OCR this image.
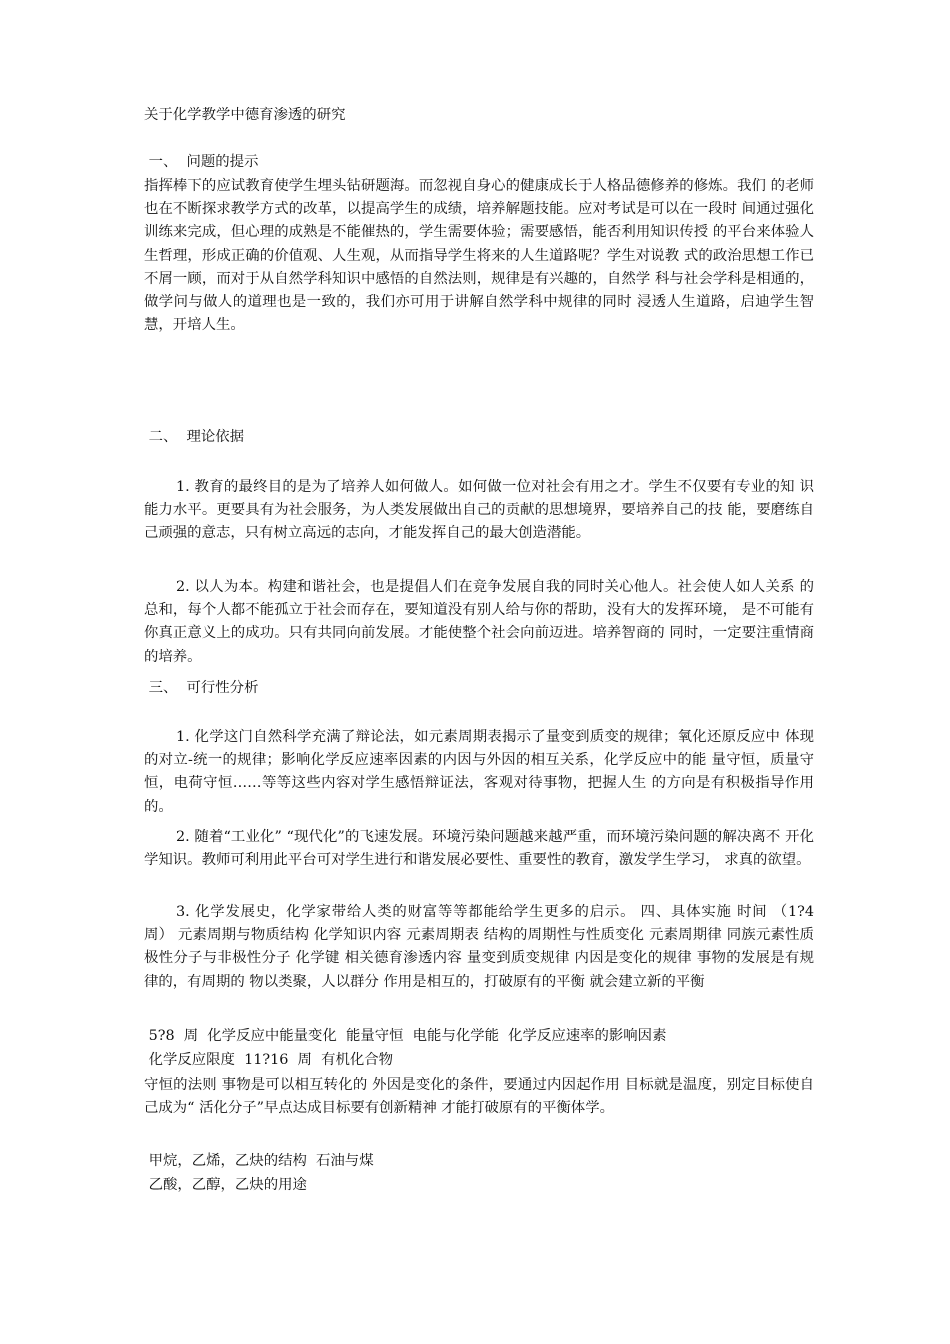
关于化学教学中德育渗透的研究
一、  问题的提示
指挥棒下的应试教育使学生埋头钻研题海。而忽视自身心的健康成长于人格品德修养的修炼。我们 的老师也在不断探求教学方式的改革，以提高学生的成绩，培养解题技能。应对考试是可以在一段时 间通过强化训练来完成，但心理的成熟是不能催热的，学生需要体验；需要感悟，能否利用知识传授 的平台来体验人生哲理，形成正确的价值观、人生观，从而指导学生将来的人生道路呢？学生对说教 式的政治思想工作已不屑一顾，而对于从自然学科知识中感悟的自然法则，规律是有兴趣的，自然学 科与社会学科是相通的，做学问与做人的道理也是一致的，我们亦可用于讲解自然学科中规律的同时 浸透人生道路，启迪学生智慧，开培人生。
二、  理论依据
1. 教育的最终目的是为了培养人如何做人。如何做一位对社会有用之才。学生不仅要有专业的知 识能力水平。更要具有为社会服务，为人类发展做出自己的贡献的思想境界，要培养自己的技 能，要磨练自己顽强的意志，只有树立高远的志向，才能发挥自己的最大创造潜能。
2. 以人为本。构建和谐社会，也是提倡人们在竞争发展自我的同时关心他人。社会使人如人关系 的总和，每个人都不能孤立于社会而存在，要知道没有别人给与你的帮助，没有大的发挥环境， 是不可能有你真正意义上的成功。只有共同向前发展。才能使整个社会向前迈进。培养智商的 同时，一定要注重情商的培养。
三、  可行性分析
1. 化学这门自然科学充满了辩论法，如元素周期表揭示了量变到质变的规律；氧化还原反应中 体现的对立-统一的规律；影响化学反应速率因素的内因与外因的相互关系，化学反应中的能 量守恒，质量守恒，电荷守恒……等等这些内容对学生感悟辩证法，客观对待事物，把握人生 的方向是有积极指导作用的。
2. 随着“工业化” “现代化”的飞速发展。环境污染问题越来越严重，而环境污染问题的解决离不 开化学知识。教师可利用此平台可对学生进行和谐发展必要性、重要性的教育，激发学生学习， 求真的欲望。
3. 化学发展史，化学家带给人类的财富等等都能给学生更多的启示。 四、具体实施 时间 （1?4 周） 元素周期与物质结构 化学知识内容 元素周期表 结构的周期性与性质变化 元素周期律 同族元素性质 极性分子与非极性分子 化学键 相关德育渗透内容 量变到质变规律 内因是变化的规律 事物的发展是有规律的，有周期的 物以类聚，人以群分 作用是相互的，打破原有的平衡 就会建立新的平衡
5?8  周  化学反应中能量变化  能量守恒  电能与化学能  化学反应速率的影响因素
化学反应限度  11?16  周  有机化合物
守恒的法则 事物是可以相互转化的 外因是变化的条件，要通过内因起作用 目标就是温度，别定目标使自己成为“ 活化分子”早点达成目标要有创新精神 才能打破原有的平衡体学。
甲烷，乙烯，乙炔的结构  石油与煤
乙酸，乙醇，乙炔的用途
